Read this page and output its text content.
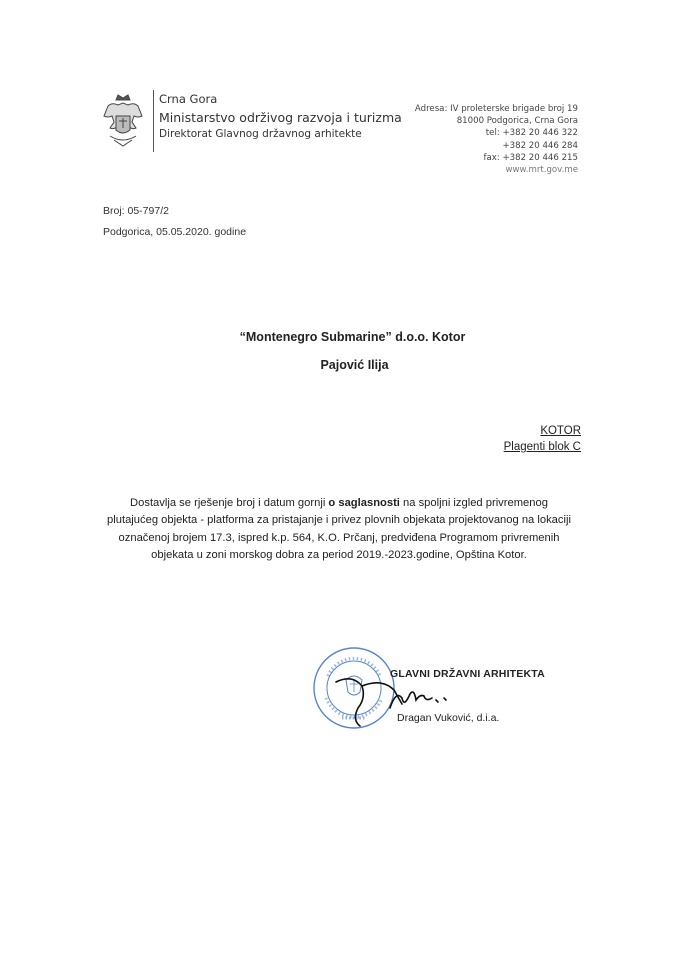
Crna Gora
Ministarstvo održivog razvoja i turizma
Direktorat Glavnog državnog arhitekte
Adresa: IV proleterske brigade broj 19
81000 Podgorica, Crna Gora
tel: +382 20 446 322
+382 20 446 284
fax: +382 20 446 215
www.mrt.gov.me
Broj: 05-797/2
Podgorica, 05.05.2020. godine
“Montenegro Submarine” d.o.o. Kotor
Pajović Ilija
KOTOR
Plagenti blok C
Dostavlja se rješenje broj i datum gornji o saglasnosti na spoljni izgled privremenog plutajućeg objekta - platforma za pristajanje i privez plovnih objekata projektovanog na lokaciji označenoj brojem 17.3, ispred k.p. 564, K.O. Prčanj, predviđena Programom privremenih objekata u zoni morskog dobra za period 2019.-2023.godine, Opština Kotor.
GLAVNI DRŽAVNI ARHITEKTA
Dragan Vuković, d.i.a.
